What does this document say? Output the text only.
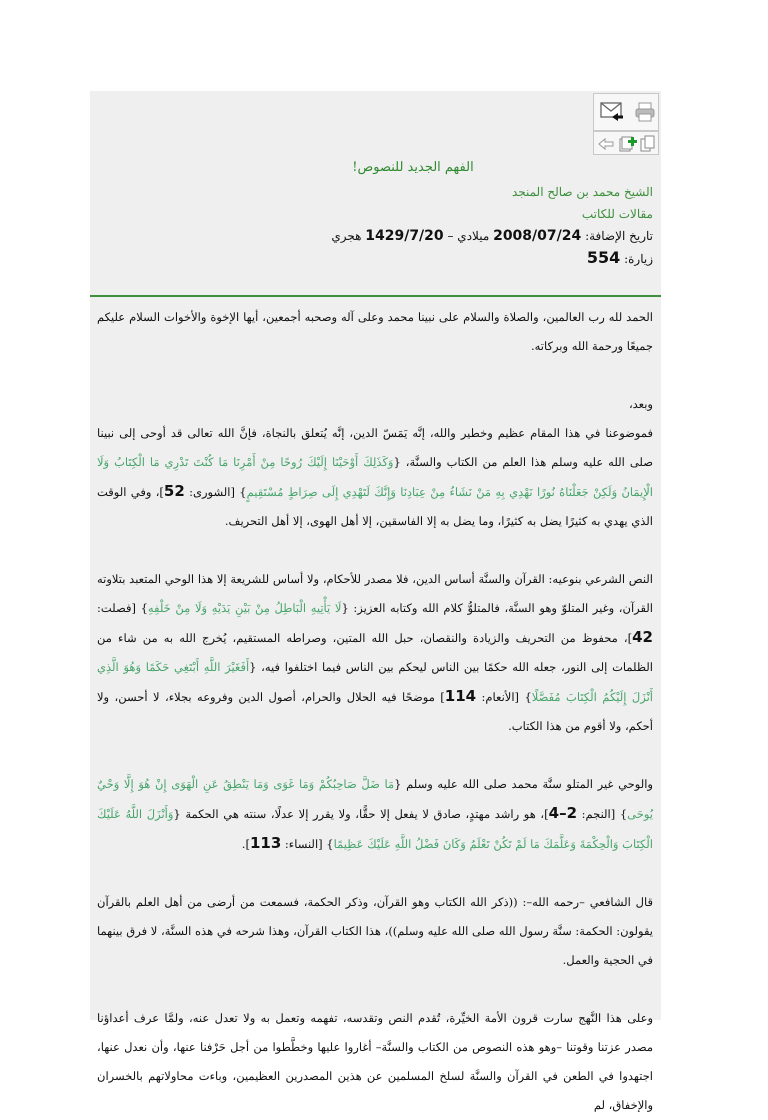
الفهم الجديد للنصوص!
الشيخ محمد بن صالح المنجد
مقالات للكاتب
تاريخ الإضافة: 2008/07/24 ميلادي – 1429/7/20 هجري
زيارة: 554

الحمد لله رب العالمين، والصلاة والسلام على نبينا محمد وعلى آله وصحبه أجمعين، أيها الإخوة والأخوات السلام عليكم جميعًا ورحمة الله وبركاته.

وبعد،
فموضوعنا في هذا المقام عظيم وخطير والله، إنَّه يَمَسّ الدين، إنَّه يُتعلق بالنجاة، فإنَّ الله تعالى قد أوحى إلى نبينا صلى الله عليه وسلم هذا العلم من الكتاب والسنَّة، {وَكَذَلِكَ أَوْحَيْنَا إِلَيْكَ رُوحًا مِنْ أَمْرِنَا مَا كُنْتَ تَدْرِي مَا الْكِتَابُ وَلَا الْإِيمَانُ وَلَكِنْ جَعَلْنَاهُ نُورًا نَهْدِي بِهِ مَنْ نَشَاءُ مِنْ عِبَادِنَا وَإِنَّكَ لَتَهْدِي إِلَى صِرَاطٍ مُسْتَقِيمٍ} [الشورى: 52]، وفي الوقت الذي يهدي به كثيرًا يضل به كثيرًا، وما يضل به إلا الفاسقين، إلا أهل الهوى، إلا أهل التحريف.

النص الشرعي بنوعيه: القرآن والسنَّة أساس الدين، فلا مصدر للأحكام، ولا أساس للشريعة إلا هذا الوحي المتعبد بتلاوته القرآن، وغير المتلوّ وهو السنَّة، فالمتلوُّ كلام الله وكتابه العزيز: {لَا يَأْتِيهِ الْبَاطِلُ مِنْ بَيْنِ يَدَيْهِ وَلَا مِنْ خَلْفِهِ} [فصلت: 42]، محفوظ من التحريف والزيادة والنقصان، حبل الله المتين، وصراطه المستقيم، يُخرج الله به من شاء من الظلمات إلى النور، جعله الله حكمًا بين الناس ليحكم بين الناس فيما اختلفوا فيه، {أَفَغَيْرَ اللَّهِ أَبْتَغِي حَكَمًا وَهُوَ الَّذِي أَنْزَلَ إِلَيْكُمُ الْكِتَابَ مُفَصَّلًا} [الأنعام: 114] موضحًا فيه الحلال والحرام، أصول الدين وفروعه بجلاء، لا أحسن، ولا أحكم، ولا أقوم من هذا الكتاب.

والوحي غير المتلو سنَّة محمد صلى الله عليه وسلم {مَا ضَلَّ صَاحِبُكُمْ وَمَا غَوَى وَمَا يَنْطِقُ عَنِ الْهَوَى إِنْ هُوَ إِلَّا وَحْيٌ يُوحَى} [النجم: 2–4]، هو راشد مهتدٍ، صادق لا يفعل إلا حقًّا، ولا يقرر إلا عدلًا، سنته هي الحكمة {وَأَنْزَلَ اللَّهُ عَلَيْكَ الْكِتَابَ وَالْحِكْمَةَ وَعَلَّمَكَ مَا لَمْ تَكُنْ تَعْلَمُ وَكَانَ فَضْلُ اللَّهِ عَلَيْكَ عَظِيمًا} [النساء: 113].

قال الشافعي –رحمه الله–: ((ذكر الله الكتاب وهو القرآن، وذكر الحكمة، فسمعت من أرضى من أهل العلم بالقرآن يقولون: الحكمة: سنَّة رسول الله صلى الله عليه وسلم))، هذا الكتاب القرآن، وهذا شرحه في هذه السنَّة، لا فرق بينهما في الحجية والعمل.

وعلى هذا النَّهج سارت قرون الأمة الخيِّرة، تُقدم النص وتقدسه، تفهمه وتعمل به ولا تعدل عنه، ولمَّا عرف أعداؤنا مصدر عزتنا وقوتنا –وهو هذه النصوص من الكتاب والسنَّة– أغاروا عليها وخطَّطوا من أجل حَرْفنا عنها، وأن نعدل عنها، اجتهدوا في الطعن في القرآن والسنَّة لسلخ المسلمين عن هذين المصدرين العظيمين، وباءت محاولاتهم بالخسران والإخفاق، لم
